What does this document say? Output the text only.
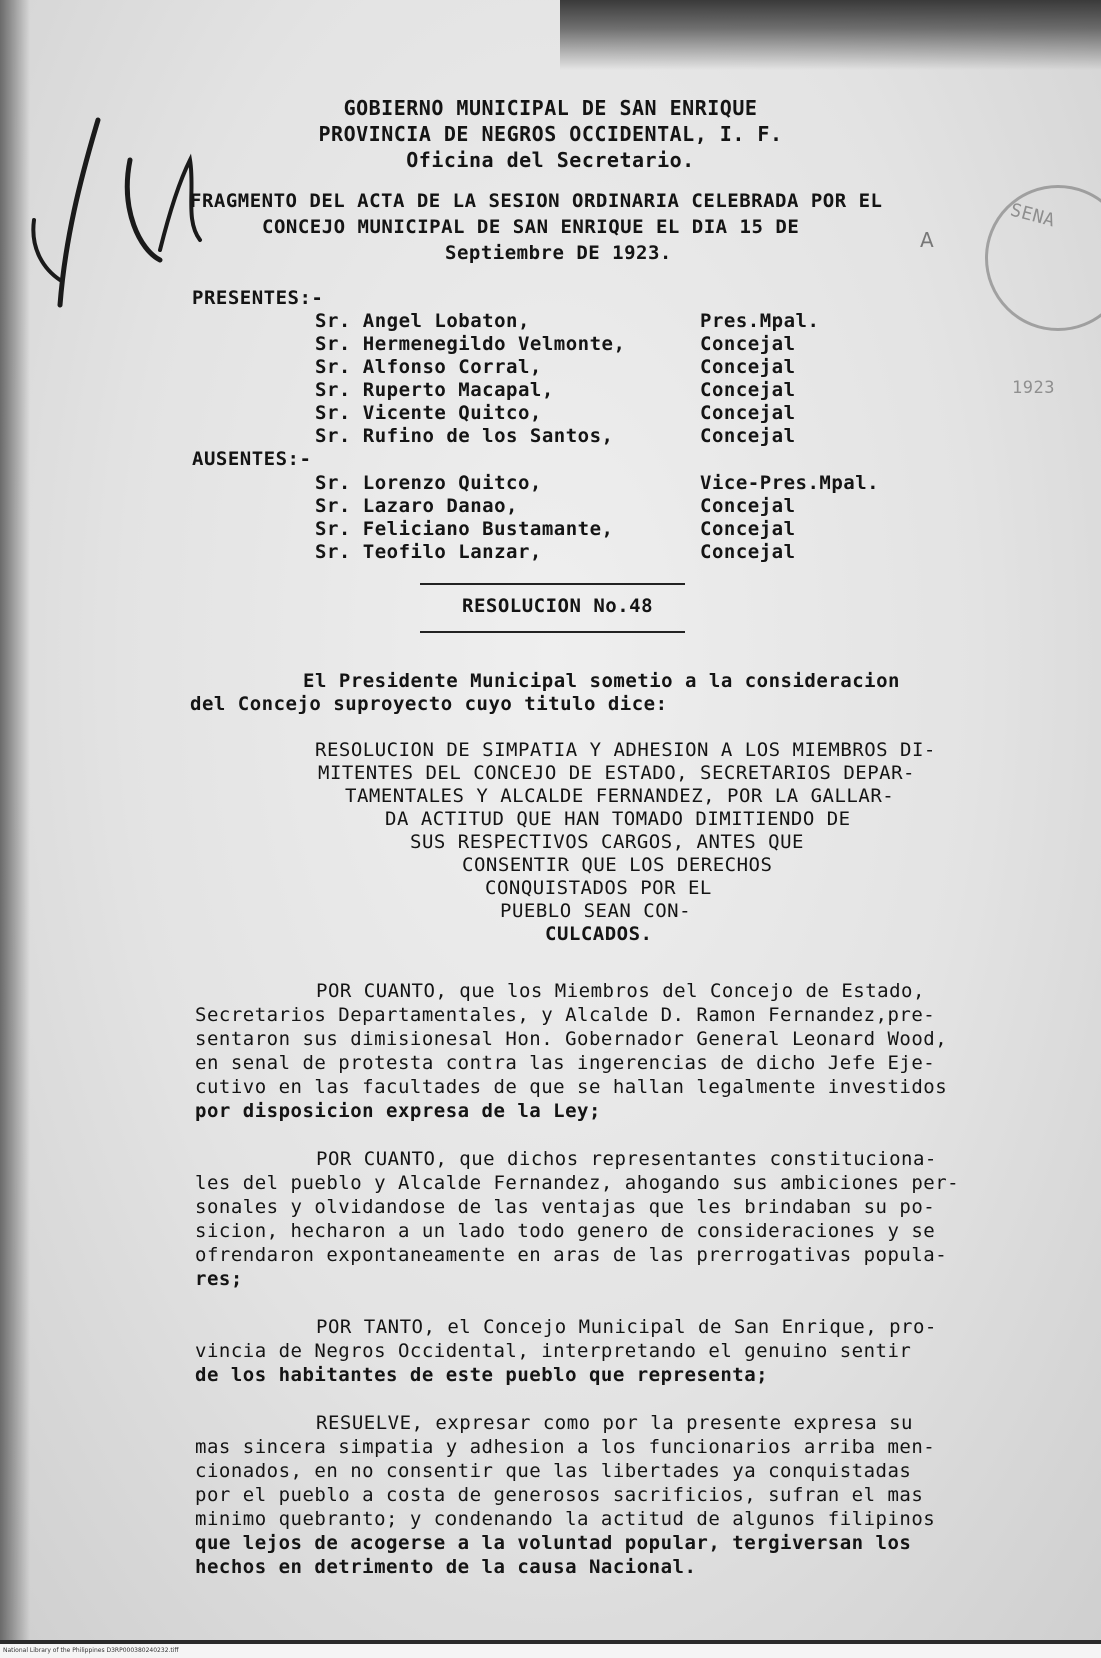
SENA
1923
A
GOBIERNO MUNICIPAL DE SAN ENRIQUE
PROVINCIA DE NEGROS OCCIDENTAL, I. F.
Oficina del Secretario.
FRAGMENTO DEL ACTA DE LA SESION ORDINARIA CELEBRADA POR EL
CONCEJO MUNICIPAL DE SAN ENRIQUE EL DIA 15 DE
Septiembre DE 1923.
PRESENTES:-
Sr. Angel Lobaton,	Pres.Mpal.
Sr. Hermenegildo Velmonte,	Concejal
Sr. Alfonso Corral,	Concejal
Sr. Ruperto Macapal,	Concejal
Sr. Vicente Quitco,	Concejal
Sr. Rufino de los Santos,	Concejal
AUSENTES:-
Sr. Lorenzo Quitco,	Vice-Pres.Mpal.
Sr. Lazaro Danao,	Concejal
Sr. Feliciano Bustamante,	Concejal
Sr. Teofilo Lanzar,	Concejal
RESOLUCION No.48
El Presidente Municipal sometio a la consideracion
del Concejo suproyecto cuyo titulo dice:
RESOLUCION DE SIMPATIA Y ADHESION A LOS MIEMBROS DI-
MITENTES DEL CONCEJO DE ESTADO, SECRETARIOS DEPAR-
TAMENTALES Y ALCALDE FERNANDEZ, POR LA GALLAR-
DA ACTITUD QUE HAN TOMADO DIMITIENDO DE
SUS RESPECTIVOS CARGOS, ANTES QUE
CONSENTIR QUE LOS DERECHOS
CONQUISTADOS POR EL
PUEBLO SEAN CON-
CULCADOS.
POR CUANTO, que los Miembros del Concejo de Estado,
Secretarios Departamentales, y Alcalde D. Ramon Fernandez,pre-
sentaron sus dimisionesal Hon. Gobernador General Leonard Wood,
en senal de protesta contra las ingerencias de dicho Jefe Eje-
cutivo en las facultades de que se hallan legalmente investidos
por disposicion expresa de la Ley;
POR CUANTO, que dichos representantes constituciona-
les del pueblo y Alcalde Fernandez, ahogando sus ambiciones per-
sonales y olvidandose de las ventajas que les brindaban su po-
sicion, hecharon a un lado todo genero de consideraciones y se
ofrendaron expontaneamente en aras de las prerrogativas popula-
res;
POR TANTO, el Concejo Municipal de San Enrique, pro-
vincia de Negros Occidental, interpretando el genuino sentir
de los habitantes de este pueblo que representa;
RESUELVE, expresar como por la presente expresa su
mas sincera simpatia y adhesion a los funcionarios arriba men-
cionados, en no consentir que las libertades ya conquistadas
por el pueblo a costa de generosos sacrificios, sufran el mas
minimo quebranto; y condenando la actitud de algunos filipinos
que lejos de acogerse a la voluntad popular, tergiversan los
hechos en detrimento de la causa Nacional.
National Library of the Philippines D3RP000380240232.tiff
